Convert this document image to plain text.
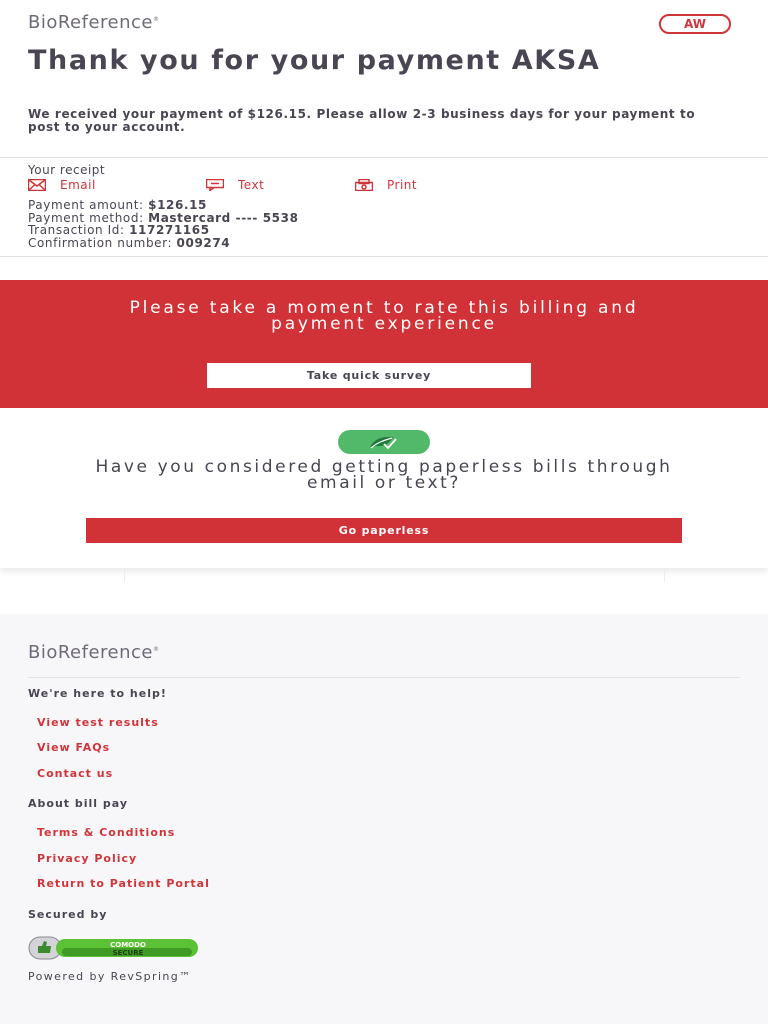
BioReference®	AW
Thank you for your payment AKSA

We received your payment of $126.15. Please allow 2-3 business days for your payment to post to your account.

Your receipt
Email	Text	Print
Payment amount: $126.15
Payment method: Mastercard ---- 5538
Transaction Id: 117271165
Confirmation number: 009274
Please take a moment to rate this billing and payment experience
Take quick survey
Have you considered getting paperless bills through email or text?
Go paperless
BioReference®
We're here to help!
View test results
View FAQs
Contact us
About bill pay
Terms & Conditions
Privacy Policy
Return to Patient Portal
Secured by
COMODO
SECURE
Powered by RevSpring™
